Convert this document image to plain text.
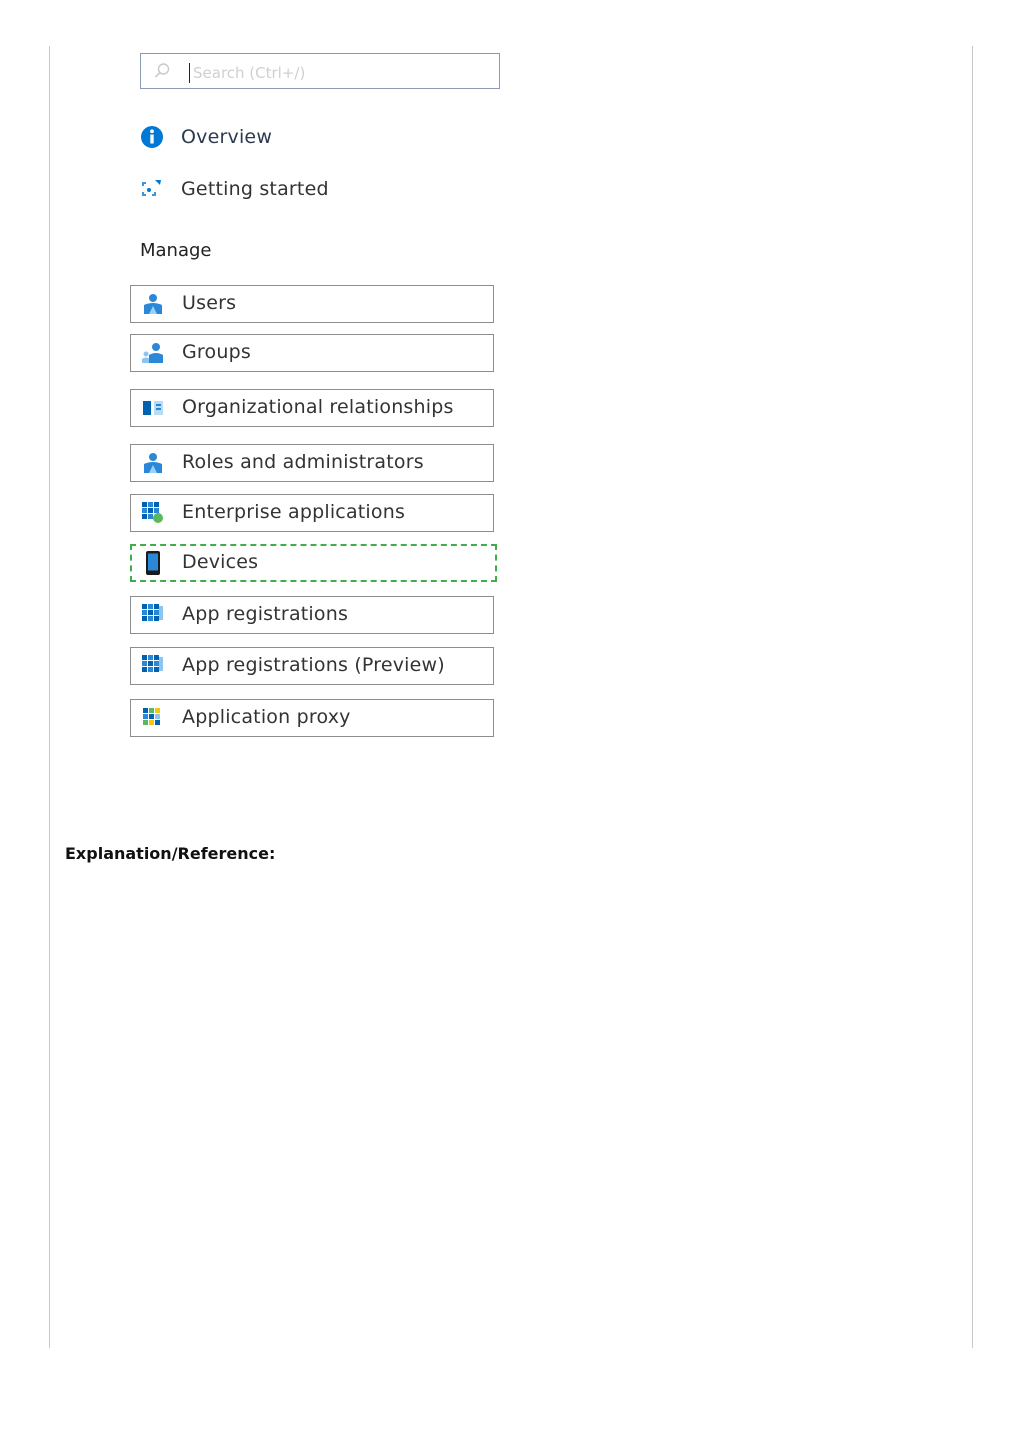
Search (Ctrl+/)
Overview
Getting started
Manage
Users
Groups
Organizational relationships
Roles and administrators
Enterprise applications
Devices
App registrations
App registrations (Preview)
Application proxy
Explanation/Reference:
